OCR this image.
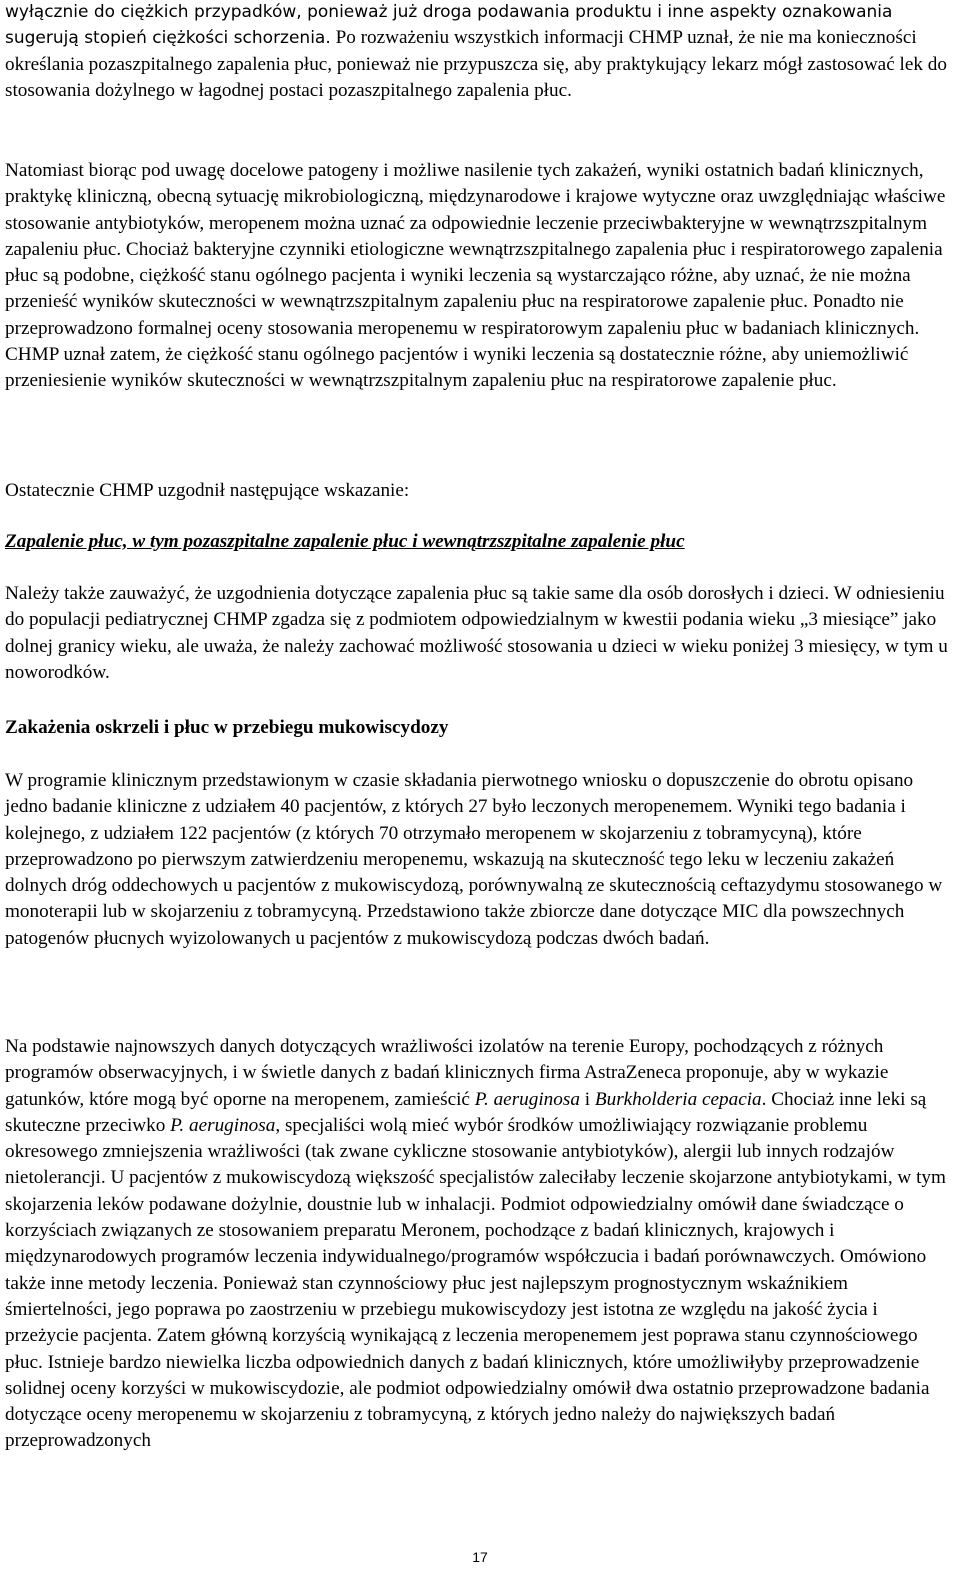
wyłącznie do ciężkich przypadków, ponieważ już droga podawania produktu i inne aspekty oznakowania sugerują stopień ciężkości schorzenia. Po rozważeniu wszystkich informacji CHMP uznał, że nie ma konieczności określania pozaszpitalnego zapalenia płuc, ponieważ nie przypuszcza się, aby praktykujący lekarz mógł zastosować lek do stosowania dożylnego w łagodnej postaci pozaszpitalnego zapalenia płuc.

Natomiast biorąc pod uwagę docelowe patogeny i możliwe nasilenie tych zakażeń, wyniki ostatnich badań klinicznych, praktykę kliniczną, obecną sytuację mikrobiologiczną, międzynarodowe i krajowe wytyczne oraz uwzględniając właściwe stosowanie antybiotyków, meropenem można uznać za odpowiednie leczenie przeciwbakteryjne w wewnątrzszpitalnym zapaleniu płuc. Chociaż bakteryjne czynniki etiologiczne wewnątrzszpitalnego zapalenia płuc i respiratorowego zapalenia płuc są podobne, ciężkość stanu ogólnego pacjenta i wyniki leczenia są wystarczająco różne, aby uznać, że nie można przenieść wyników skuteczności w wewnątrzszpitalnym zapaleniu płuc na respiratorowe zapalenie płuc. Ponadto nie przeprowadzono formalnej oceny stosowania meropenemu w respiratorowym zapaleniu płuc w badaniach klinicznych. CHMP uznał zatem, że ciężkość stanu ogólnego pacjentów i wyniki leczenia są dostatecznie różne, aby uniemożliwić przeniesienie wyników skuteczności w wewnątrzszpitalnym zapaleniu płuc na respiratorowe zapalenie płuc.

Ostatecznie CHMP uzgodnił następujące wskazanie:

Zapalenie płuc, w tym pozaszpitalne zapalenie płuc i wewnątrzszpitalne zapalenie płuc

Należy także zauważyć, że uzgodnienia dotyczące zapalenia płuc są takie same dla osób dorosłych i dzieci. W odniesieniu do populacji pediatrycznej CHMP zgadza się z podmiotem odpowiedzialnym w kwestii podania wieku „3 miesiące” jako dolnej granicy wieku, ale uważa, że należy zachować możliwość stosowania u dzieci w wieku poniżej 3 miesięcy, w tym u noworodków.

Zakażenia oskrzeli i płuc w przebiegu mukowiscydozy

W programie klinicznym przedstawionym w czasie składania pierwotnego wniosku o dopuszczenie do obrotu opisano jedno badanie kliniczne z udziałem 40 pacjentów, z których 27 było leczonych meropenemem. Wyniki tego badania i kolejnego, z udziałem 122 pacjentów (z których 70 otrzymało meropenem w skojarzeniu z tobramycyną), które przeprowadzono po pierwszym zatwierdzeniu meropenemu, wskazują na skuteczność tego leku w leczeniu zakażeń dolnych dróg oddechowych u pacjentów z mukowiscydozą, porównywalną ze skutecznością ceftazydymu stosowanego w monoterapii lub w skojarzeniu z tobramycyną. Przedstawiono także zbiorcze dane dotyczące MIC dla powszechnych patogenów płucnych wyizolowanych u pacjentów z mukowiscydozą podczas dwóch badań.

Na podstawie najnowszych danych dotyczących wrażliwości izolatów na terenie Europy, pochodzących z różnych programów obserwacyjnych, i w świetle danych z badań klinicznych firma AstraZeneca proponuje, aby w wykazie gatunków, które mogą być oporne na meropenem, zamieścić P. aeruginosa i Burkholderia cepacia. Chociaż inne leki są skuteczne przeciwko P. aeruginosa, specjaliści wolą mieć wybór środków umożliwiający rozwiązanie problemu okresowego zmniejszenia wrażliwości (tak zwane cykliczne stosowanie antybiotyków), alergii lub innych rodzajów nietolerancji. U pacjentów z mukowiscydozą większość specjalistów zaleciłaby leczenie skojarzone antybiotykami, w tym skojarzenia leków podawane dożylnie, doustnie lub w inhalacji. Podmiot odpowiedzialny omówił dane świadczące o korzyściach związanych ze stosowaniem preparatu Meronem, pochodzące z badań klinicznych, krajowych i międzynarodowych programów leczenia indywidualnego/programów współczucia i badań porównawczych. Omówiono także inne metody leczenia. Ponieważ stan czynnościowy płuc jest najlepszym prognostycznym wskaźnikiem śmiertelności, jego poprawa po zaostrzeniu w przebiegu mukowiscydozy jest istotna ze względu na jakość życia i przeżycie pacjenta. Zatem główną korzyścią wynikającą z leczenia meropenemem jest poprawa stanu czynnościowego płuc. Istnieje bardzo niewielka liczba odpowiednich danych z badań klinicznych, które umożliwiłyby przeprowadzenie solidnej oceny korzyści w mukowiscydozie, ale podmiot odpowiedzialny omówił dwa ostatnio przeprowadzone badania dotyczące oceny meropenemu w skojarzeniu z tobramycyną, z których jedno należy do największych badań przeprowadzonych

17
